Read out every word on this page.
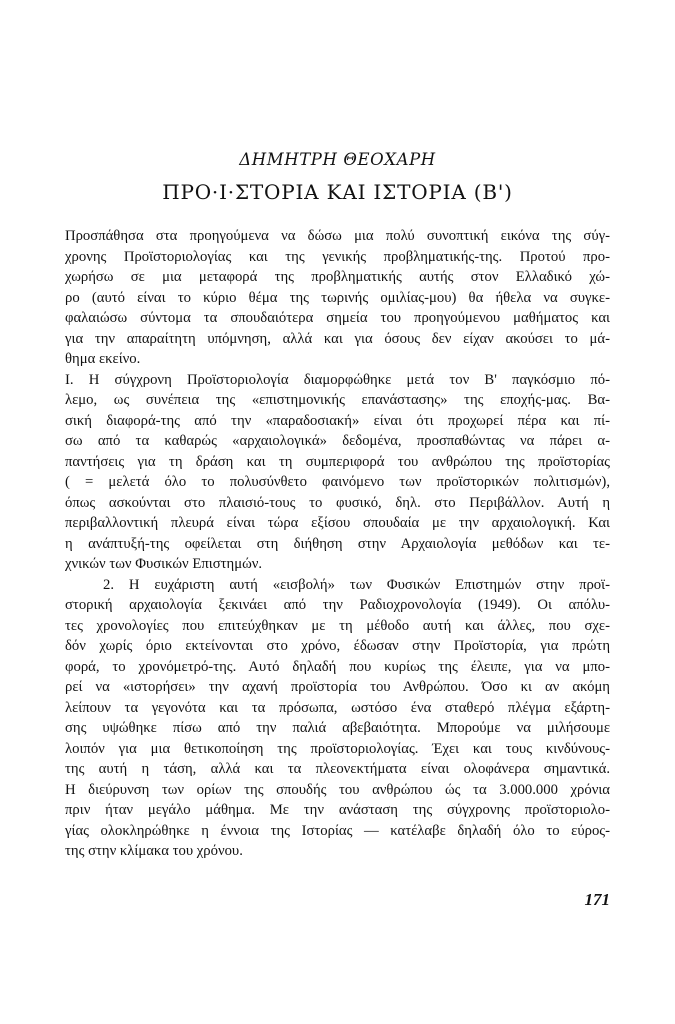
ΔΗΜΗΤΡΗ ΘΕΟΧΑΡΗ
ΠΡΟ·Ι·ΣΤΟΡΙΑ ΚΑΙ ΙΣΤΟΡΙΑ (Β')
Προσπάθησα στα προηγούμενα να δώσω μια πολύ συνοπτική εικόνα της σύγ-
χρονης Προϊστοριολογίας και της γενικής προβληματικής-της. Προτού προ-
χωρήσω σε μια μεταφορά της προβληματικής αυτής στον Ελλαδικό χώ-
ρο (αυτό είναι το κύριο θέμα της τωρινής ομιλίας-μου) θα ήθελα να συγκε-
φαλαιώσω σύντομα τα σπουδαιότερα σημεία του προηγούμενου μαθήματος και
για την απαραίτητη υπόμνηση, αλλά και για όσους δεν είχαν ακούσει το μά-
θημα εκείνο.
Ι. Η σύγχρονη Προϊστοριολογία διαμορφώθηκε μετά τον Β' παγκόσμιο πό-
λεμο, ως συνέπεια της «επιστημονικής επανάστασης» της εποχής-μας. Βα-
σική διαφορά-της από την «παραδοσιακή» είναι ότι προχωρεί πέρα και πί-
σω από τα καθαρώς «αρχαιολογικά» δεδομένα, προσπαθώντας να πάρει α-
παντήσεις για τη δράση και τη συμπεριφορά του ανθρώπου της προϊστορίας
( = μελετά όλο το πολυσύνθετο φαινόμενο των προϊστορικών πολιτισμών),
όπως ασκούνται στο πλαισιό-τους το φυσικό, δηλ. στο Περιβάλλον. Αυτή η
περιβαλλοντική πλευρά είναι τώρα εξίσου σπουδαία με την αρχαιολογική. Και
η ανάπτυξή-της οφείλεται στη διήθηση στην Αρχαιολογία μεθόδων και τε-
χνικών των Φυσικών Επιστημών.
2. Η ευχάριστη αυτή «εισβολή» των Φυσικών Επιστημών στην προϊ-
στορική αρχαιολογία ξεκινάει από την Ραδιοχρονολογία (1949). Οι απόλυ-
τες χρονολογίες που επιτεύχθηκαν με τη μέθοδο αυτή και άλλες, που σχε-
δόν χωρίς όριο εκτείνονται στο χρόνο, έδωσαν στην Προϊστορία, για πρώτη
φορά, το χρονόμετρό-της. Αυτό δηλαδή που κυρίως της έλειπε, για να μπο-
ρεί να «ιστορήσει» την αχανή προϊστορία του Ανθρώπου. Όσο κι αν ακόμη
λείπουν τα γεγονότα και τα πρόσωπα, ωστόσο ένα σταθερό πλέγμα εξάρτη-
σης υψώθηκε πίσω από την παλιά αβεβαιότητα. Μπορούμε να μιλήσουμε
λοιπόν για μια θετικοποίηση της προϊστοριολογίας. Έχει και τους κινδύνους-
της αυτή η τάση, αλλά και τα πλεονεκτήματα είναι ολοφάνερα σημαντικά.
Η διεύρυνση των ορίων της σπουδής του ανθρώπου ώς τα 3.000.000 χρόνια
πριν ήταν μεγάλο μάθημα. Με την ανάσταση της σύγχρονης προϊστοριολο-
γίας ολοκληρώθηκε η έννοια της Ιστορίας — κατέλαβε δηλαδή όλο το εύρος-
της στην κλίμακα του χρόνου.
171
